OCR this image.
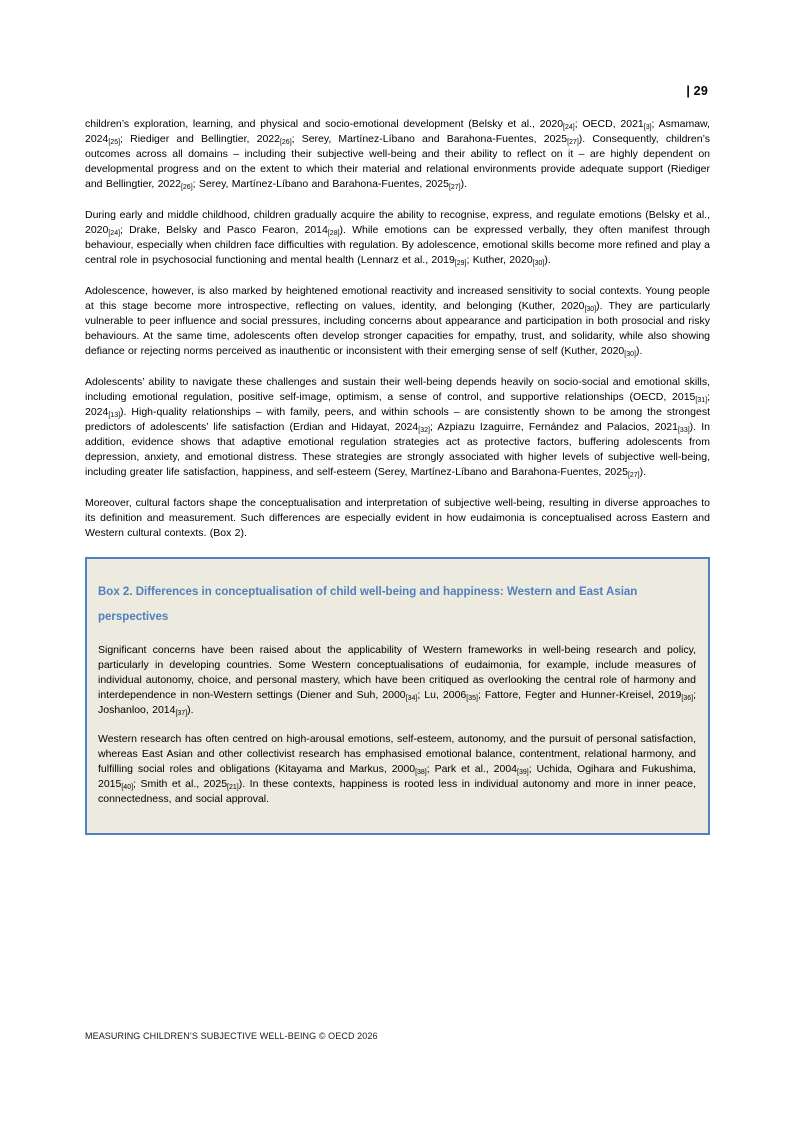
| 29

children’s exploration, learning, and physical and socio-emotional development (Belsky et al., $2020_{[24]}$; OECD, $2021_{[3]}$; Asmamaw, $2024_{[25]}$; Riediger and Bellingtier, $2022_{[26]}$; Serey, Martínez-Líbano and Barahona-Fuentes, $2025_{[27]}$). Consequently, children’s outcomes across all domains – including their subjective well-being and their ability to reflect on it – are highly dependent on developmental progress and on the extent to which their material and relational environments provide adequate support (Riediger and Bellingtier, $2022_{[26]}$; Serey, Martínez-Líbano and Barahona-Fuentes, $2025_{[27]}$).

During early and middle childhood, children gradually acquire the ability to recognise, express, and regulate emotions (Belsky et al., $2020_{[24]}$; Drake, Belsky and Pasco Fearon, $2014_{[28]}$). While emotions can be expressed verbally, they often manifest through behaviour, especially when children face difficulties with regulation. By adolescence, emotional skills become more refined and play a central role in psychosocial functioning and mental health (Lennarz et al., $2019_{[29]}$; Kuther, $2020_{[30]}$).

Adolescence, however, is also marked by heightened emotional reactivity and increased sensitivity to social contexts. Young people at this stage become more introspective, reflecting on values, identity, and belonging (Kuther, $2020_{[30]}$). They are particularly vulnerable to peer influence and social pressures, including concerns about appearance and participation in both prosocial and risky behaviours. At the same time, adolescents often develop stronger capacities for empathy, trust, and solidarity, while also showing defiance or rejecting norms perceived as inauthentic or inconsistent with their emerging sense of self (Kuther, $2020_{[30]}$).

Adolescents’ ability to navigate these challenges and sustain their well-being depends heavily on socio-social and emotional skills, including emotional regulation, positive self-image, optimism, a sense of control, and supportive relationships (OECD, $2015_{[31]}$; $2024_{[13]}$). High-quality relationships – with family, peers, and within schools – are consistently shown to be among the strongest predictors of adolescents’ life satisfaction (Erdian and Hidayat, $2024_{[32]}$; Azpiazu Izaguirre, Fernández and Palacios, $2021_{[33]}$). In addition, evidence shows that adaptive emotional regulation strategies act as protective factors, buffering adolescents from depression, anxiety, and emotional distress. These strategies are strongly associated with higher levels of subjective well-being, including greater life satisfaction, happiness, and self-esteem (Serey, Martínez-Líbano and Barahona-Fuentes, $2025_{[27]}$).

Moreover, cultural factors shape the conceptualisation and interpretation of subjective well-being, resulting in diverse approaches to its definition and measurement. Such differences are especially evident in how eudaimonia is conceptualised across Eastern and Western cultural contexts. (Box 2).

Box 2. Differences in conceptualisation of child well-being and happiness: Western and East Asian perspectives

Significant concerns have been raised about the applicability of Western frameworks in well-being research and policy, particularly in developing countries. Some Western conceptualisations of eudaimonia, for example, include measures of individual autonomy, choice, and personal mastery, which have been critiqued as overlooking the central role of harmony and interdependence in non-Western settings (Diener and Suh, $2000_{[34]}$; Lu, $2006_{[35]}$; Fattore, Fegter and Hunner-Kreisel, $2019_{[36]}$; Joshanloo, $2014_{[37]}$).

Western research has often centred on high-arousal emotions, self-esteem, autonomy, and the pursuit of personal satisfaction, whereas East Asian and other collectivist research has emphasised emotional balance, contentment, relational harmony, and fulfilling social roles and obligations (Kitayama and Markus, $2000_{[38]}$; Park et al., $2004_{[39]}$; Uchida, Ogihara and Fukushima, $2015_{[40]}$; Smith et al., $2025_{[21]}$). In these contexts, happiness is rooted less in individual autonomy and more in inner peace, connectedness, and social approval.

MEASURING CHILDREN’S SUBJECTIVE WELL-BEING © OECD 2026
